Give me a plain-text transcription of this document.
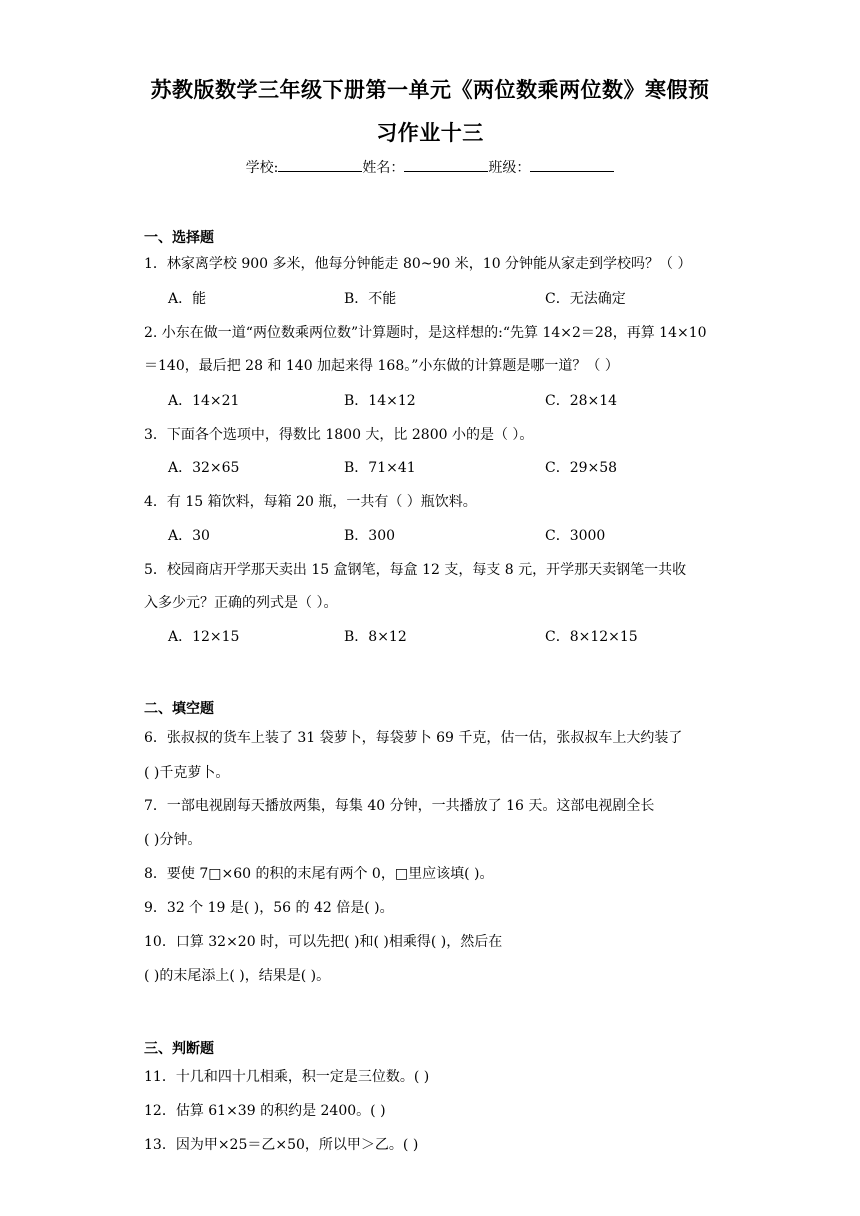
苏教版数学三年级下册第一单元《两位数乘两位数》寒假预
习作业十三
学校:	姓名：	班级：
一、选择题
1．林家离学校 900 多米，他每分钟能走 80~90 米，10 分钟能从家走到学校吗？（ ）
A．能	B．不能	C．无法确定
2. 小东在做一道“两位数乘两位数”计算题时，是这样想的:“先算 14×2＝28，再算 14×10
＝140，最后把 28 和 140 加起来得 168。”小东做的计算题是哪一道？（ ）
A．14×21	B．14×12	C．28×14
3．下面各个选项中，得数比 1800 大，比 2800 小的是（ ）。
A．32×65	B．71×41	C．29×58
4．有 15 箱饮料，每箱 20 瓶，一共有（ ）瓶饮料。
A．30	B．300	C．3000
5．校园商店开学那天卖出 15 盒钢笔，每盒 12 支，每支 8 元，开学那天卖钢笔一共收
入多少元？正确的列式是（ ）。
A．12×15	B．8×12	C．8×12×15
二、填空题
6．张叔叔的货车上装了 31 袋萝卜，每袋萝卜 69 千克，估一估，张叔叔车上大约装了
( )千克萝卜。
7．一部电视剧每天播放两集，每集 40 分钟，一共播放了 16 天。这部电视剧全长
( )分钟。
8．要使 7□×60 的积的末尾有两个 0，□里应该填( )。
9．32 个 19 是( )，56 的 42 倍是( )。
10．口算 32×20 时，可以先把( )和( )相乘得( )，然后在
( )的末尾添上( )，结果是( )。
三、判断题
11．十几和四十几相乘，积一定是三位数。( )
12．估算 61×39 的积约是 2400。( )
13．因为甲×25＝乙×50，所以甲＞乙。( )
